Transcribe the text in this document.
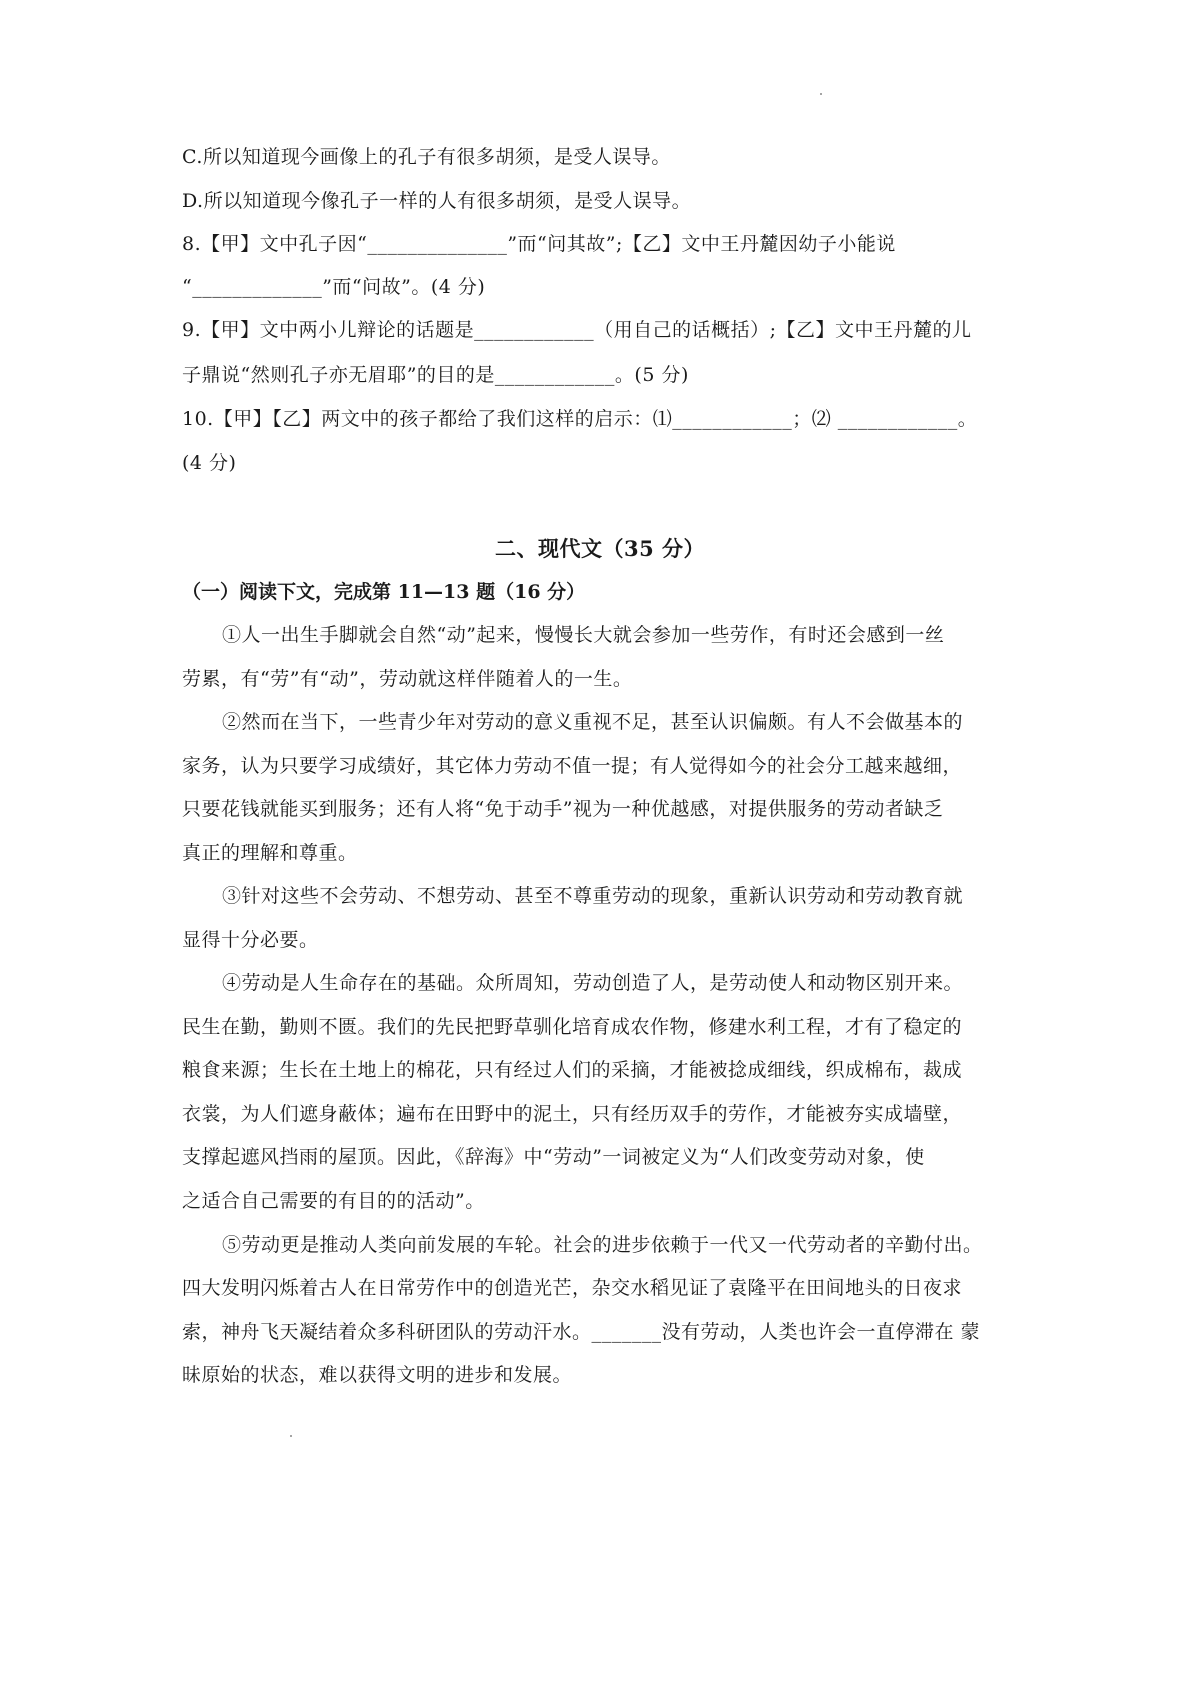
C.所以知道现今画像上的孔子有很多胡须，是受人误导。
D.所以知道现今像孔子一样的人有很多胡须，是受人误导。
8.【甲】文中孔子因“______________”而“问其故”;【乙】文中王丹麓因幼子小能说
“_____________”而“问故”。(4 分)
9.【甲】文中两小儿辩论的话题是____________（用自己的话概括）;【乙】文中王丹麓的儿
子鼎说“然则孔子亦无眉耶”的目的是____________。(5 分)
10.【甲】【乙】两文中的孩子都给了我们这样的启示：⑴____________；⑵ ____________。
(4 分)
二、现代文（35 分）
（一）阅读下文，完成第 11—13 题（16 分）
①人一出生手脚就会自然“动”起来，慢慢长大就会参加一些劳作，有时还会感到一丝
劳累，有“劳”有“动”，劳动就这样伴随着人的一生。
②然而在当下，一些青少年对劳动的意义重视不足，甚至认识偏颇。有人不会做基本的
家务，认为只要学习成绩好，其它体力劳动不值一提；有人觉得如今的社会分工越来越细，
只要花钱就能买到服务；还有人将“免于动手”视为一种优越感，对提供服务的劳动者缺乏
真正的理解和尊重。
③针对这些不会劳动、不想劳动、甚至不尊重劳动的现象，重新认识劳动和劳动教育就
显得十分必要。
④劳动是人生命存在的基础。众所周知，劳动创造了人，是劳动使人和动物区别开来。
民生在勤，勤则不匮。我们的先民把野草驯化培育成农作物，修建水利工程，才有了稳定的
粮食来源；生长在土地上的棉花，只有经过人们的采摘，才能被捻成细线，织成棉布，裁成
衣裳，为人们遮身蔽体；遍布在田野中的泥土，只有经历双手的劳作，才能被夯实成墙壁，
支撑起遮风挡雨的屋顶。因此，《辞海》中“劳动”一词被定义为“人们改变劳动对象，使
之适合自己需要的有目的的活动”。
⑤劳动更是推动人类向前发展的车轮。社会的进步依赖于一代又一代劳动者的辛勤付出。
四大发明闪烁着古人在日常劳作中的创造光芒，杂交水稻见证了袁隆平在田间地头的日夜求
索，神舟飞天凝结着众多科研团队的劳动汗水。_______没有劳动，人类也许会一直停滞在 蒙
昧原始的状态，难以获得文明的进步和发展。
